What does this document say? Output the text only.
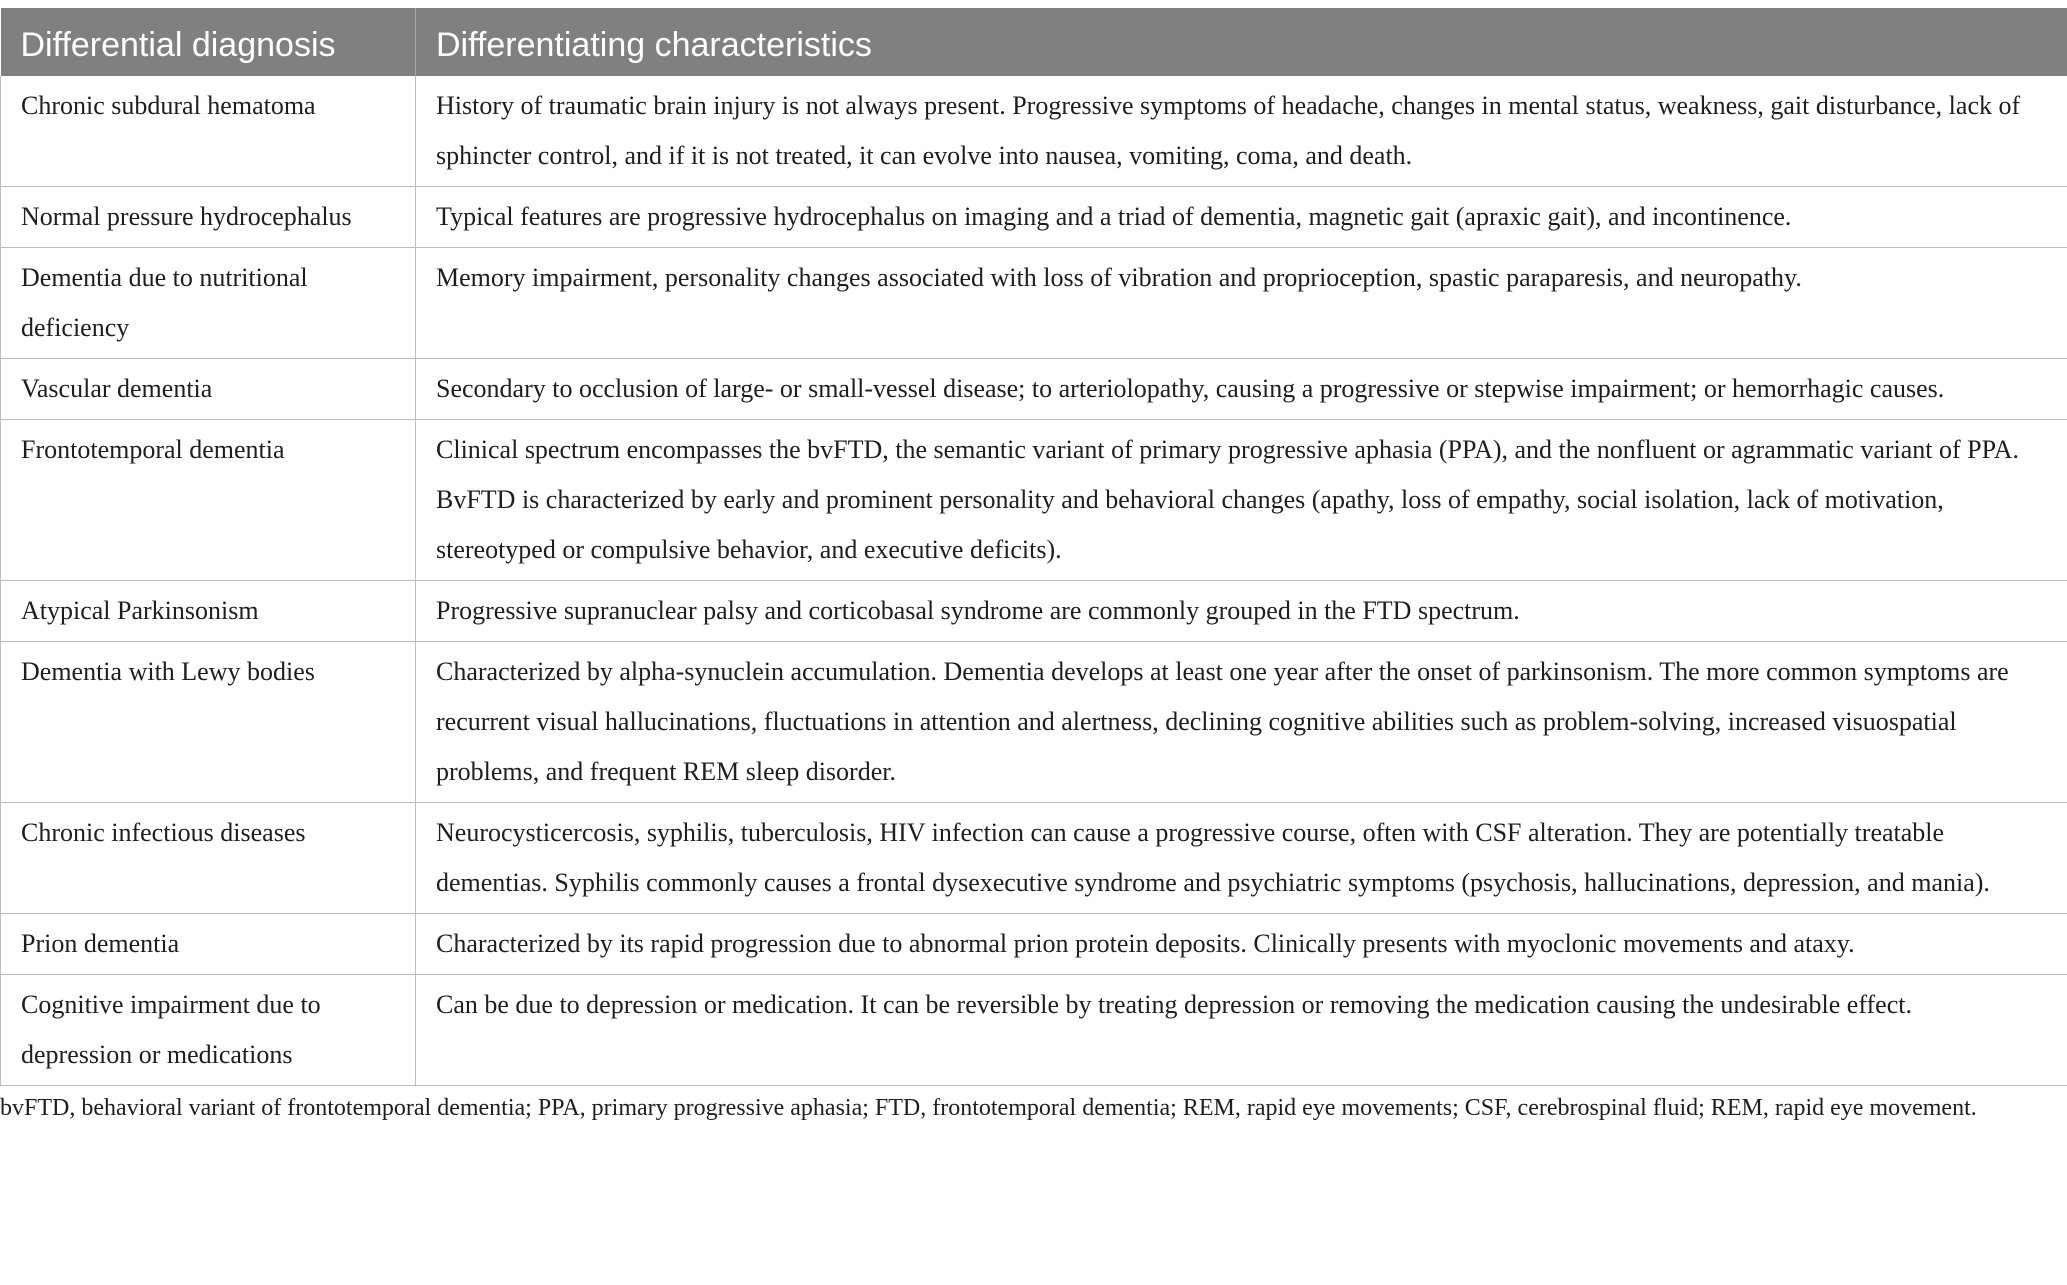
Differential diagnosis	Differentiating characteristics
Chronic subdural hematoma	History of traumatic brain injury is not always present. Progressive symptoms of headache, changes in mental status, weakness, gait disturbance, lack of sphincter control, and if it is not treated, it can evolve into nausea, vomiting, coma, and death.
Normal pressure hydrocephalus	Typical features are progressive hydrocephalus on imaging and a triad of dementia, magnetic gait (apraxic gait), and incontinence.
Dementia due to nutritional deficiency	Memory impairment, personality changes associated with loss of vibration and proprioception, spastic paraparesis, and neuropathy.
Vascular dementia	Secondary to occlusion of large- or small-vessel disease; to arteriolopathy, causing a progressive or stepwise impairment; or hemorrhagic causes.
Frontotemporal dementia	Clinical spectrum encompasses the bvFTD, the semantic variant of primary progressive aphasia (PPA), and the nonfluent or agrammatic variant of PPA. BvFTD is characterized by early and prominent personality and behavioral changes (apathy, loss of empathy, social isolation, lack of motivation, stereotyped or compulsive behavior, and executive deficits).
Atypical Parkinsonism	Progressive supranuclear palsy and corticobasal syndrome are commonly grouped in the FTD spectrum.
Dementia with Lewy bodies	Characterized by alpha-synuclein accumulation. Dementia develops at least one year after the onset of parkinsonism. The more common symptoms are recurrent visual hallucinations, fluctuations in attention and alertness, declining cognitive abilities such as problem-solving, increased visuospatial problems, and frequent REM sleep disorder.
Chronic infectious diseases	Neurocysticercosis, syphilis, tuberculosis, HIV infection can cause a progressive course, often with CSF alteration. They are potentially treatable dementias. Syphilis commonly causes a frontal dysexecutive syndrome and psychiatric symptoms (psychosis, hallucinations, depression, and mania).
Prion dementia	Characterized by its rapid progression due to abnormal prion protein deposits. Clinically presents with myoclonic movements and ataxy.
Cognitive impairment due to depression or medications	Can be due to depression or medication. It can be reversible by treating depression or removing the medication causing the undesirable effect.

bvFTD, behavioral variant of frontotemporal dementia; PPA, primary progressive aphasia; FTD, frontotemporal dementia; REM, rapid eye movements; CSF, cerebrospinal fluid; REM, rapid eye movement.
